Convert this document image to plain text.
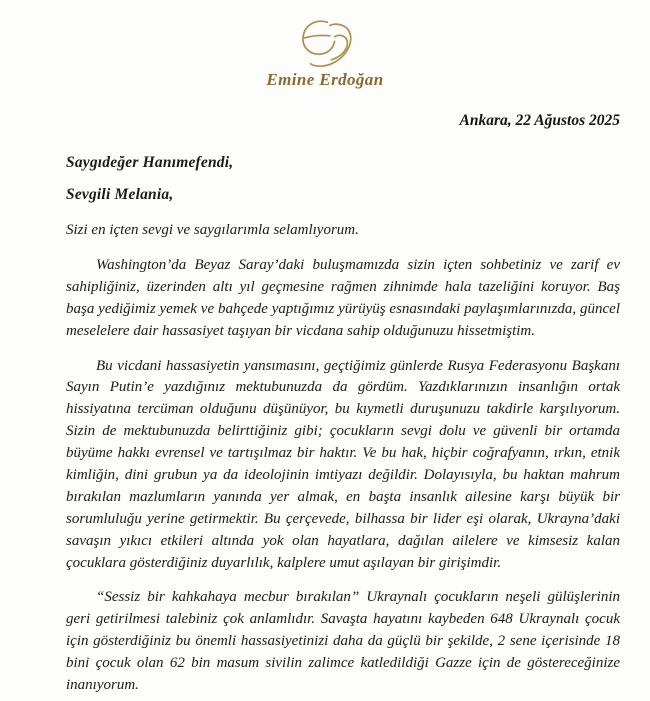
Emine Erdoğan
Ankara, 22 Ağustos 2025
Saygıdeğer Hanımefendi,
Sevgili Melania,
Sizi en içten sevgi ve saygılarımla selamlıyorum.

Washington’da Beyaz Saray’daki buluşmamızda sizin içten sohbetiniz ve zarif ev sahipliğiniz, üzerinden altı yıl geçmesine rağmen zihnimde hala tazeliğini koruyor. Baş başa yediğimiz yemek ve bahçede yaptığımız yürüyüş esnasındaki paylaşımlarınızda, güncel meselelere dair hassasiyet taşıyan bir vicdana sahip olduğunuzu hissetmiştim.

Bu vicdani hassasiyetin yansımasını, geçtiğimiz günlerde Rusya Federasyonu Başkanı Sayın Putin’e yazdığınız mektubunuzda da gördüm. Yazdıklarınızın insanlığın ortak hissiyatına tercüman olduğunu düşünüyor, bu kıymetli duruşunuzu takdirle karşılıyorum. Sizin de mektubunuzda belirttiğiniz gibi; çocukların sevgi dolu ve güvenli bir ortamda büyüme hakkı evrensel ve tartışılmaz bir haktır. Ve bu hak, hiçbir coğrafyanın, ırkın, etnik kimliğin, dini grubun ya da ideolojinin imtiyazı değildir. Dolayısıyla, bu haktan mahrum bırakılan mazlumların yanında yer almak, en başta insanlık ailesine karşı büyük bir sorumluluğu yerine getirmektir. Bu çerçevede, bilhassa bir lider eşi olarak, Ukrayna’daki savaşın yıkıcı etkileri altında yok olan hayatlara, dağılan ailelere ve kimsesiz kalan çocuklara gösterdiğiniz duyarlılık, kalplere umut aşılayan bir girişimdir.

“Sessiz bir kahkahaya mecbur bırakılan” Ukraynalı çocukların neşeli gülüşlerinin geri getirilmesi talebiniz çok anlamlıdır. Savaşta hayatını kaybeden 648 Ukraynalı çocuk için gösterdiğiniz bu önemli hassasiyetinizi daha da güçlü bir şekilde, 2 sene içerisinde 18 bini çocuk olan 62 bin masum sivilin zalimce katledildiği Gazze için de göstereceğinize inanıyorum.
